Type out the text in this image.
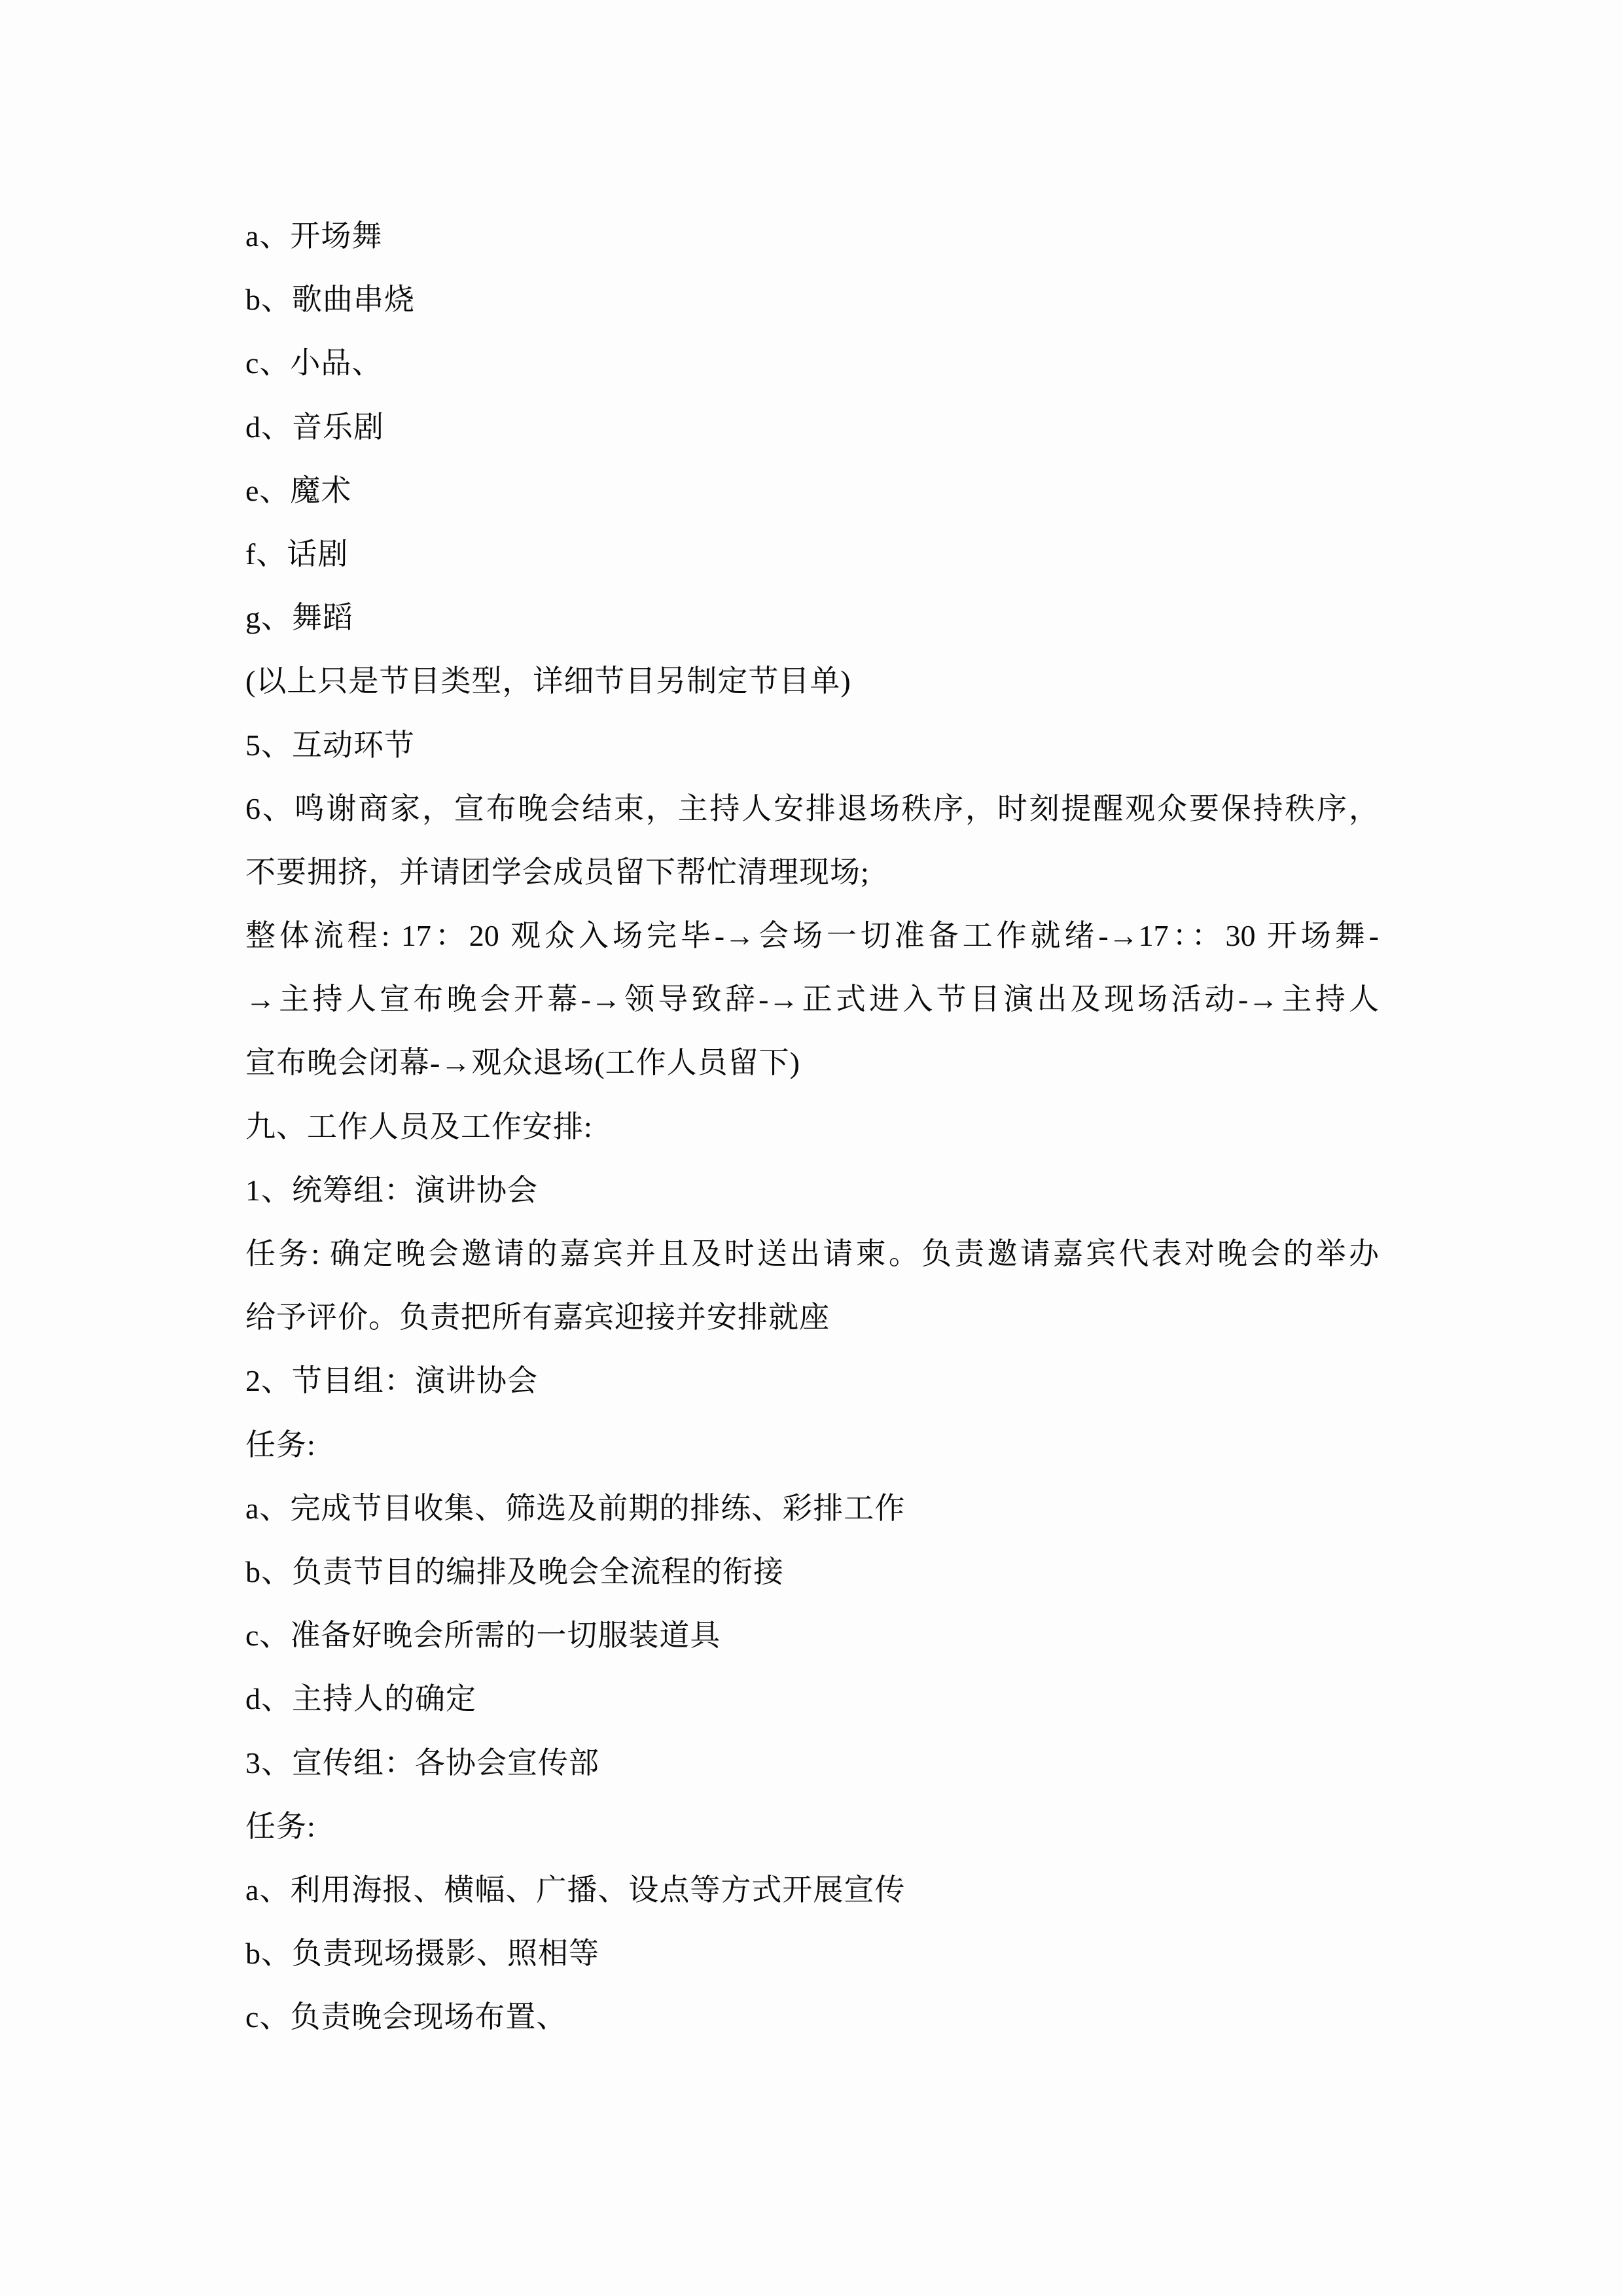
a、开场舞

b、歌曲串烧

c、小品、

d、音乐剧

e、魔术

f、话剧

g、舞蹈

(以上只是节目类型，详细节目另制定节目单)

5、互动环节

6、鸣谢商家，宣布晚会结束，主持人安排退场秩序，时刻提醒观众要保持秩序，

不要拥挤，并请团学会成员留下帮忙清理现场;

整体流程: 17：20 观众入场完毕-→会场一切准备工作就绪-→17：：30 开场舞-

→主持人宣布晚会开幕-→领导致辞-→正式进入节目演出及现场活动-→主持人

宣布晚会闭幕-→观众退场(工作人员留下)

九、工作人员及工作安排:

1、统筹组：演讲协会

任务: 确定晚会邀请的嘉宾并且及时送出请柬。负责邀请嘉宾代表对晚会的举办

给予评价。负责把所有嘉宾迎接并安排就座

2、节目组：演讲协会

任务:

a、完成节目收集、筛选及前期的排练、彩排工作

b、负责节目的编排及晚会全流程的衔接

c、准备好晚会所需的一切服装道具

d、主持人的确定

3、宣传组：各协会宣传部

任务:

a、利用海报、横幅、广播、设点等方式开展宣传

b、负责现场摄影、照相等

c、负责晚会现场布置、
